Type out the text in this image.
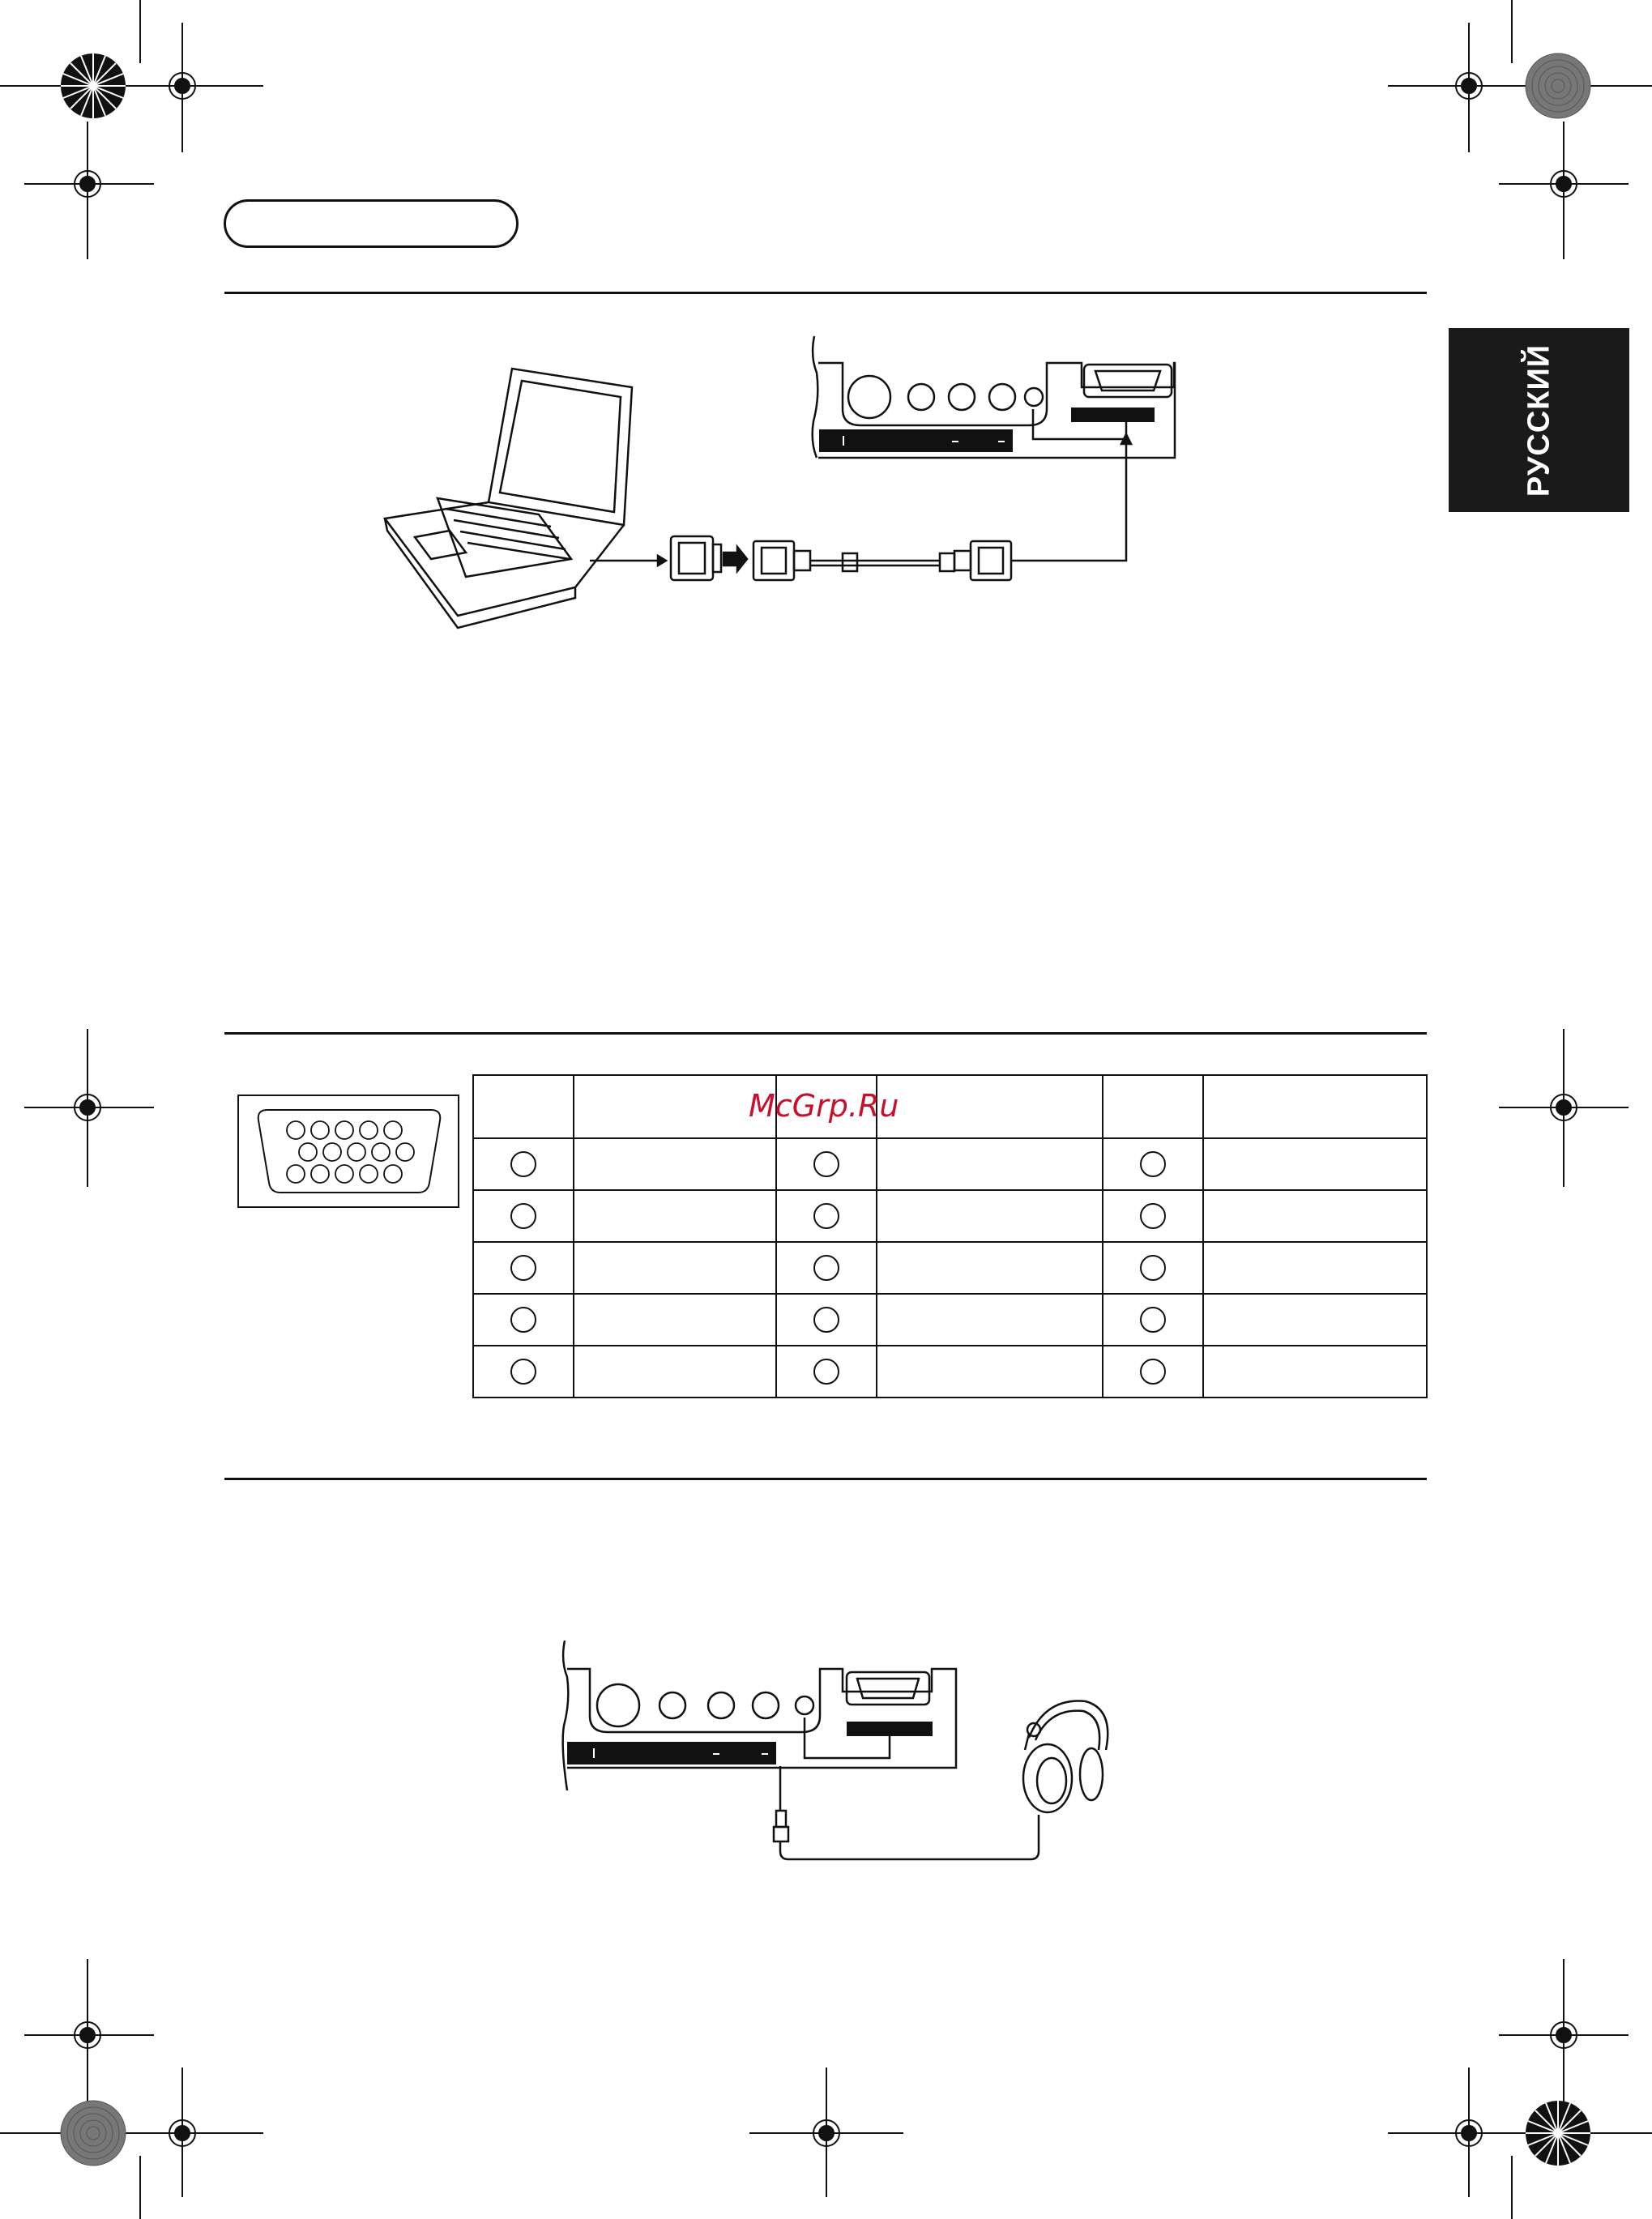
РУССКИЙ

McGrp.Ru
